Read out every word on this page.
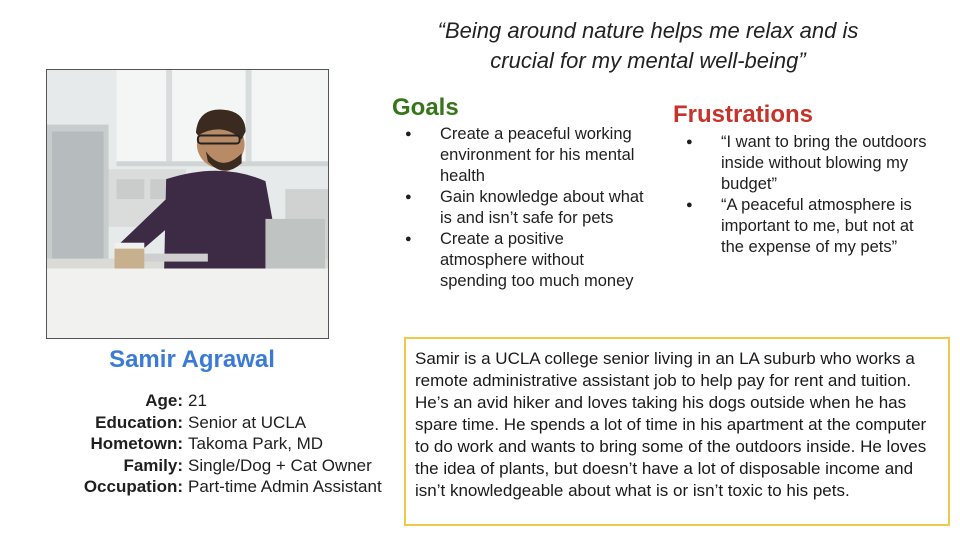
“Being around nature helps me relax and is crucial for my mental well-being”
Samir Agrawal
Age: 21
Education: Senior at UCLA
Hometown: Takoma Park, MD
Family: Single/Dog + Cat Owner
Occupation: Part-time Admin Assistant
Goals
● Create a peaceful working environment for his mental health
● Gain knowledge about what is and isn’t safe for pets
● Create a positive atmosphere without spending too much money
Frustrations
● “I want to bring the outdoors inside without blowing my budget”
● “A peaceful atmosphere is important to me, but not at the expense of my pets”
Samir is a UCLA college senior living in an LA suburb who works a remote administrative assistant job to help pay for rent and tuition. He’s an avid hiker and loves taking his dogs outside when he has spare time. He spends a lot of time in his apartment at the computer to do work and wants to bring some of the outdoors inside. He loves the idea of plants, but doesn’t have a lot of disposable income and isn’t knowledgeable about what is or isn’t toxic to his pets.
